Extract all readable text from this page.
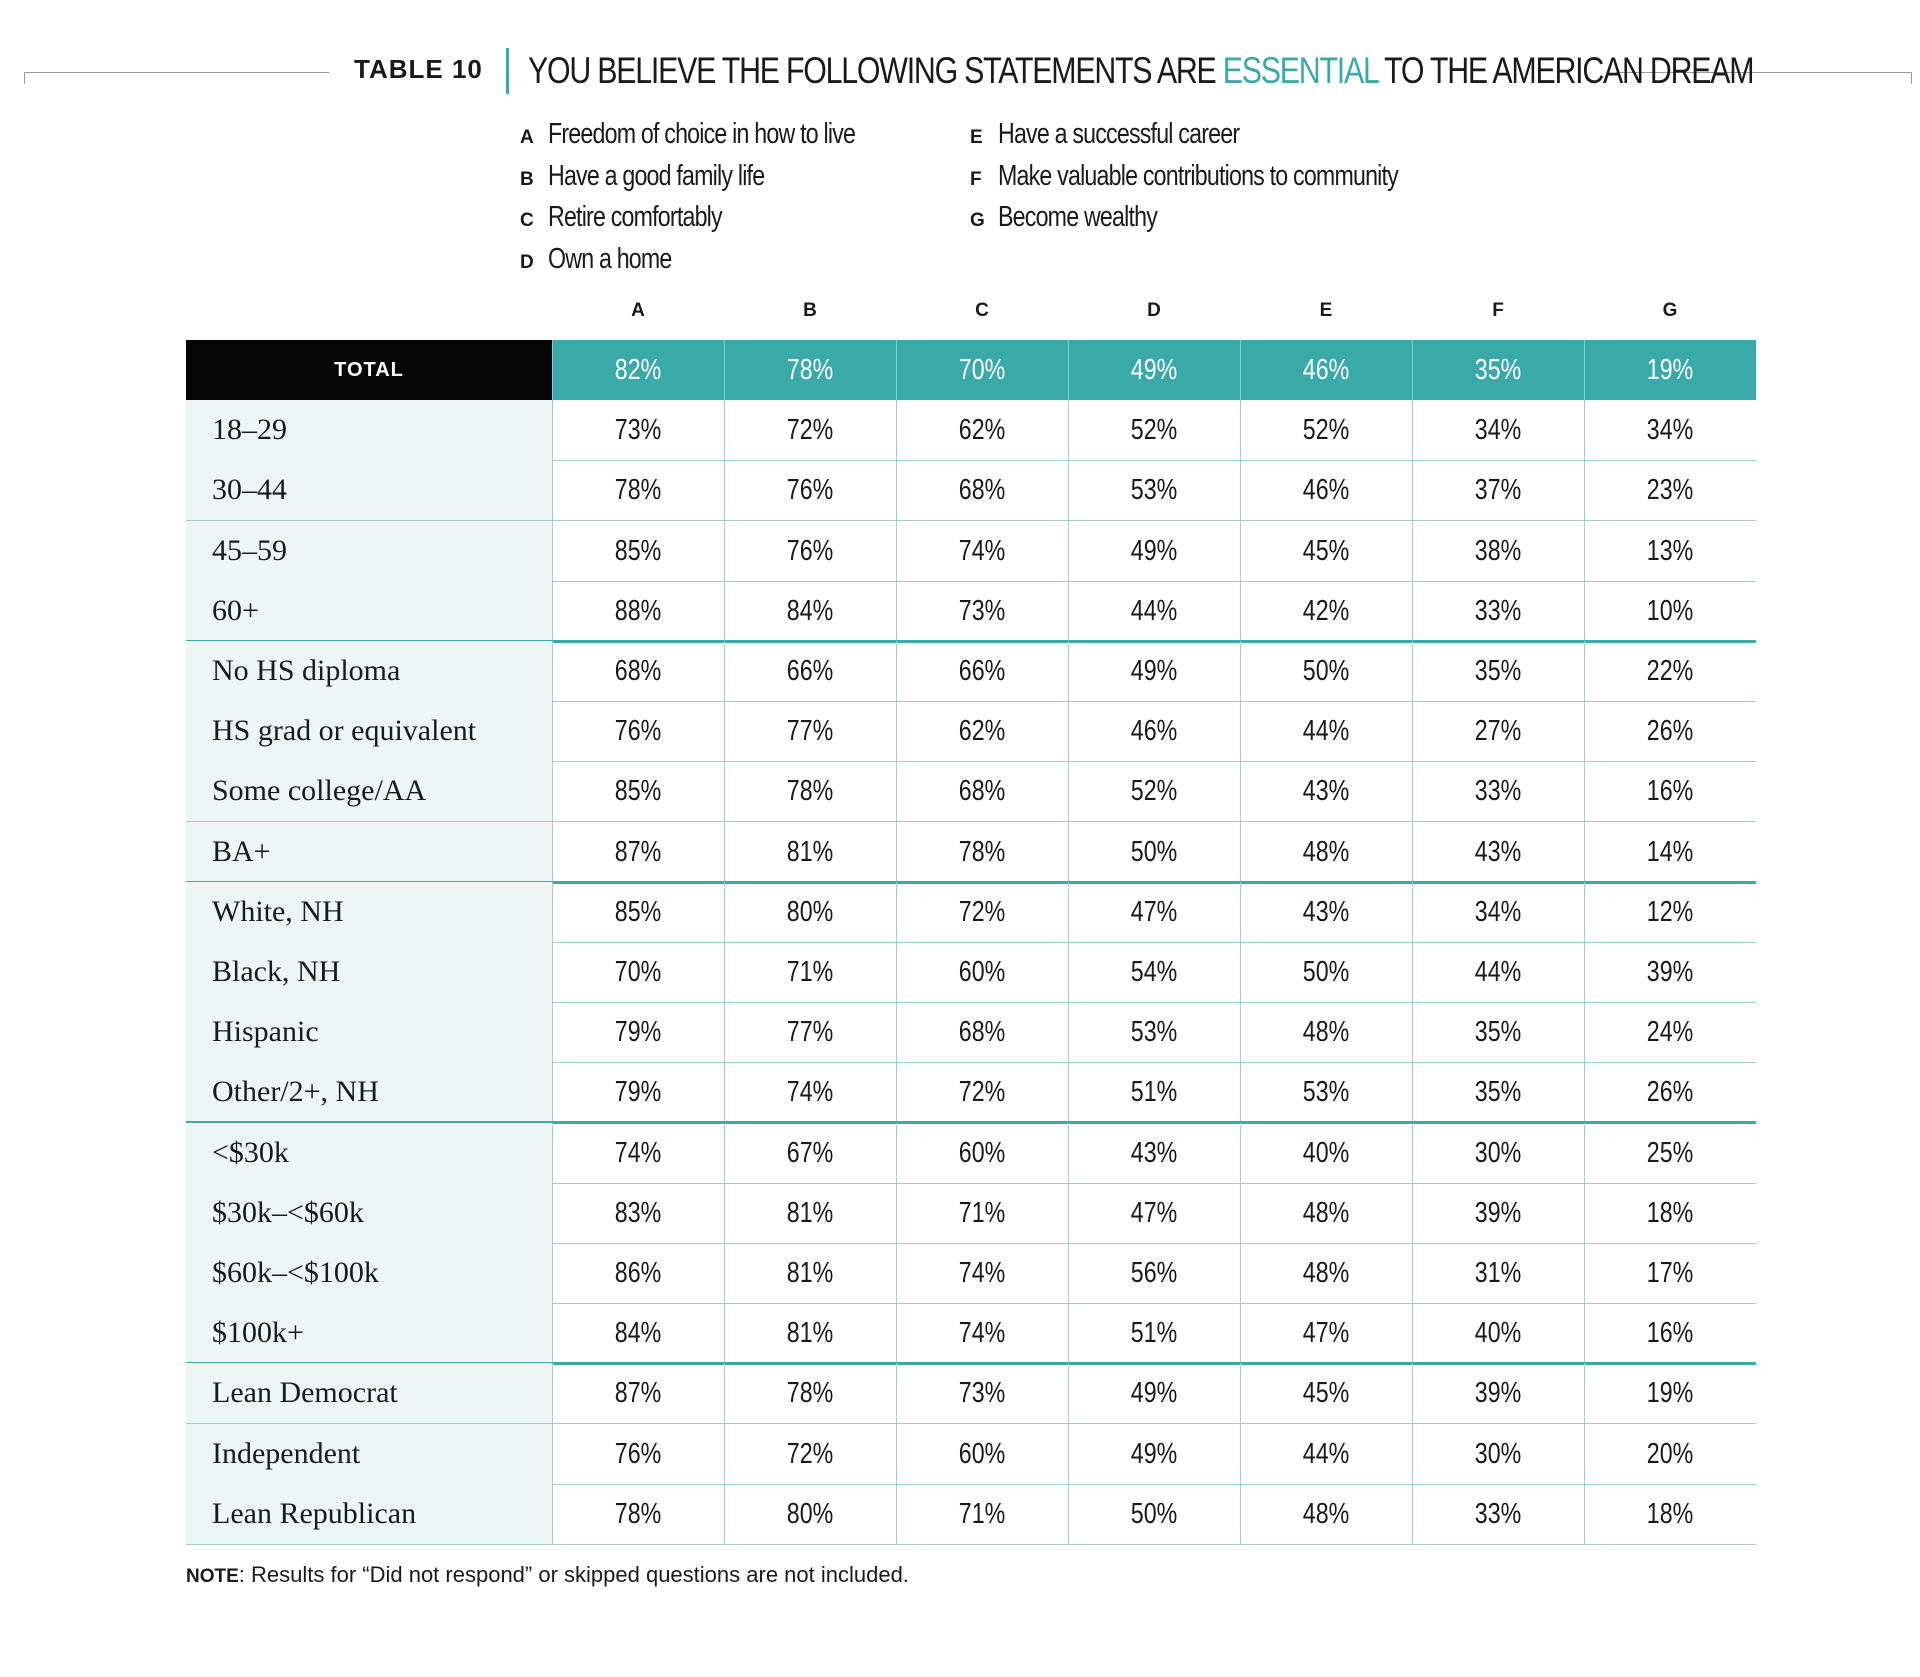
TABLE 10 YOU BELIEVE THE FOLLOWING STATEMENTS ARE ESSENTIAL TO THE AMERICAN DREAM
A Freedom of choice in how to live
B Have a good family life
C Retire comfortably
D Own a home
E Have a successful career
F Make valuable contributions to community
G Become wealthy
A	B	C	D	E	F	G
TOTAL	82%	78%	70%	49%	46%	35%	19%
18–29	73%	72%	62%	52%	52%	34%	34%
30–44	78%	76%	68%	53%	46%	37%	23%
45–59	85%	76%	74%	49%	45%	38%	13%
60+	88%	84%	73%	44%	42%	33%	10%
No HS diploma	68%	66%	66%	49%	50%	35%	22%
HS grad or equivalent	76%	77%	62%	46%	44%	27%	26%
Some college/AA	85%	78%	68%	52%	43%	33%	16%
BA+	87%	81%	78%	50%	48%	43%	14%
White, NH	85%	80%	72%	47%	43%	34%	12%
Black, NH	70%	71%	60%	54%	50%	44%	39%
Hispanic	79%	77%	68%	53%	48%	35%	24%
Other/2+, NH	79%	74%	72%	51%	53%	35%	26%
<$30k	74%	67%	60%	43%	40%	30%	25%
$30k–<$60k	83%	81%	71%	47%	48%	39%	18%
$60k–<$100k	86%	81%	74%	56%	48%	31%	17%
$100k+	84%	81%	74%	51%	47%	40%	16%
Lean Democrat	87%	78%	73%	49%	45%	39%	19%
Independent	76%	72%	60%	49%	44%	30%	20%
Lean Republican	78%	80%	71%	50%	48%	33%	18%
NOTE: Results for “Did not respond” or skipped questions are not included.
